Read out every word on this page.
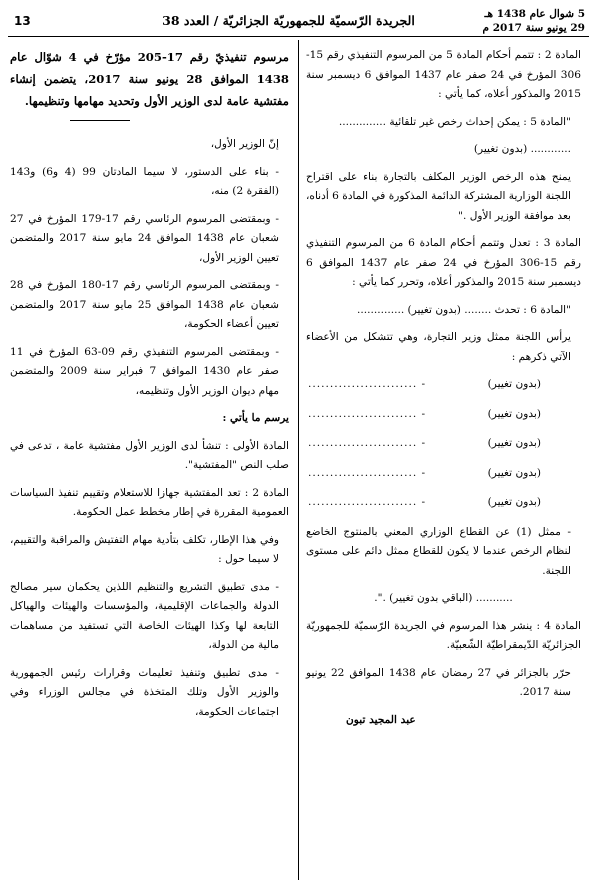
13	الجريدة الرّسميّة للجمهوريّة الجزائريّة / العدد 38	5 شوال عام 1438 هـ
29 يونيو سنة 2017 م

المادة 2 : تتمم أحكام المادة 5 من المرسوم التنفيذي رقم 15-306 المؤرخ في 24 صفر عام 1437 الموافق 6 ديسمبر سنة 2015 والمذكور أعلاه، كما يأتي :

"المادة 5 : يمكن إحداث رخص غير تلقائية ..............

............ (بدون تغيير)

يمنح هذه الرخص الوزير المكلف بالتجارة بناء على اقتراح اللجنة الوزارية المشتركة الدائمة المذكورة في المادة 6 أدناه، بعد موافقة الوزير الأول ."

المادة 3 : تعدل وتتمم أحكام المادة 6 من المرسوم التنفيذي رقم 15-306 المؤرخ في 24 صفر عام 1437 الموافق 6 ديسمبر سنة 2015 والمذكور أعلاه، وتحرر كما يأتي :

"المادة 6 : تحدث ........ (بدون تغيير) ..............

يرأس اللجنة ممثل وزير التجارة، وهي تتشكل من الأعضاء الآتي ذكرهم :

(بدون تغيير)
- .........................
(بدون تغيير)
- .........................
(بدون تغيير)
- .........................
(بدون تغيير)
- .........................
(بدون تغيير)
- .........................

- ممثل (1) عن القطاع الوزاري المعني بالمنتوج الخاضع لنظام الرخص عندما لا يكون للقطاع ممثل دائم على مستوى اللجنة.

........... (الباقي بدون تغيير) .".

المادة 4 : ينشر هذا المرسوم في الجريدة الرّسميّة للجمهوريّة الجزائريّة الدّيمقراطيّة الشّعبيّة.

حرّر بالجزائر في 27 رمضان عام 1438 الموافق 22 يونيو سنة 2017.

عبد المجيد تبون

مرسوم تنفيذيّ رقم 17-205 مؤرّخ في 4 شوّال عام 1438 الموافق 28 يونيو سنة 2017، يتضمن إنشاء مفتشية عامة لدى الوزير الأول وتحديد مهامها وتنظيمها.

إنّ الوزير الأول،

- بناء على الدستور، لا سيما المادتان 99 (4 و6) و143 (الفقرة 2) منه،

- وبمقتضى المرسوم الرئاسي رقم 17-179 المؤرخ في 27 شعبان عام 1438 الموافق 24 مايو سنة 2017 والمتضمن تعيين الوزير الأول،

- وبمقتضى المرسوم الرئاسي رقم 17-180 المؤرخ في 28 شعبان عام 1438 الموافق 25 مايو سنة 2017 والمتضمن تعيين أعضاء الحكومة،

- وبمقتضى المرسوم التنفيذي رقم 09-63 المؤرخ في 11 صفر عام 1430 الموافق 7 فبراير سنة 2009 والمتضمن مهام ديوان الوزير الأول وتنظيمه،

يرسم ما يأتي :

المادة الأولى : تنشأ لدى الوزير الأول مفتشية عامة ، تدعى في صلب النص "المفتشية".

المادة 2 : تعد المفتشية جهازا للاستعلام وتقييم تنفيذ السياسات العمومية المقررة في إطار مخطط عمل الحكومة.

وفي هذا الإطار، تكلف بتأدية مهام التفتيش والمراقبة والتقييم، لا سيما حول :

- مدى تطبيق التشريع والتنظيم اللذين يحكمان سير مصالح الدولة والجماعات الإقليمية، والمؤسسات والهيئات والهياكل التابعة لها وكذا الهيئات الخاصة التي تستفيد من مساهمات مالية من الدولة،

- مدى تطبيق وتنفيذ تعليمات وقرارات رئيس الجمهورية والوزير الأول وتلك المتخذة في مجالس الوزراء وفي اجتماعات الحكومة،
